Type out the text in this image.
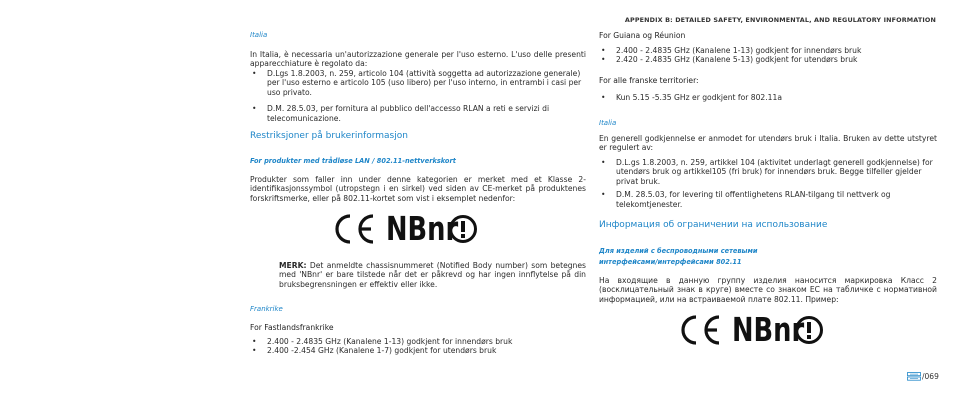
APPENDIX B: DETAILED SAFETY, ENVIRONMENTAL, AND REGULATORY INFORMATION
Italia
In Italia, è necessaria un'autorizzazione generale per l'uso esterno. L'uso delle presenti apparecchiature è regolato da:
• D.Lgs 1.8.2003, n. 259, articolo 104 (attività soggetta ad autorizzazione generale) per l'uso esterno e articolo 105 (uso libero) per l'uso interno, in entrambi i casi per uso privato.
• D.M. 28.5.03, per fornitura al pubblico dell'accesso RLAN a reti e servizi di telecomunicazione.
Restriksjoner på brukerinformasjon
For produkter med trådløse LAN / 802.11-nettverkskort
Produkter som faller inn under denne kategorien er merket med et Klasse 2-identifikasjonssymbol (utropstegn i en sirkel) ved siden av CE-merket på produktenes forskriftsmerke, eller på 802.11-kortet som vist i eksemplet nedenfor:
NBnr
MERK: Det anmeldte chassisnummeret (Notified Body number) som betegnes med 'NBnr' er bare tilstede når det er påkrevd og har ingen innflytelse på din bruksbegrensningen er effektiv eller ikke.
Frankrike
For Fastlandsfrankrike
• 2.400 - 2.4835 GHz (Kanalene 1-13) godkjent for innendørs bruk
• 2.400 -2.454 GHz (Kanalene 1-7) godkjent for utendørs bruk
For Guiana og Réunion
• 2.400 - 2.4835 GHz (Kanalene 1-13) godkjent for innendørs bruk
• 2.420 - 2.4835 GHz (Kanalene 5-13) godkjent for utendørs bruk
For alle franske territorier:
• Kun 5.15 -5.35 GHz er godkjent for 802.11a
Italia
En generell godkjennelse er anmodet for utendørs bruk i Italia. Bruken av dette utstyret er regulert av:
• D.L.gs 1.8.2003, n. 259, artikkel 104 (aktivitet underlagt generell godkjennelse) for utendørs bruk og artikkel105 (fri bruk) for innendørs bruk. Begge tilfeller gjelder privat bruk.
• D.M. 28.5.03, for levering til offentlighetens RLAN-tilgang til nettverk og telekomtjenester.
Информация об ограничении на использование
Для изделий с беспроводными сетевыми
интерфейсами/интерфейсами 802.11
На входящие в данную группу изделия наносится маркировка Класс 2 (восклицательный знак в круге) вместе со знаком ЕС на табличке с нормативной информацией, или на встраиваемой плате 802.11. Пример:
NBnr
/ 069
